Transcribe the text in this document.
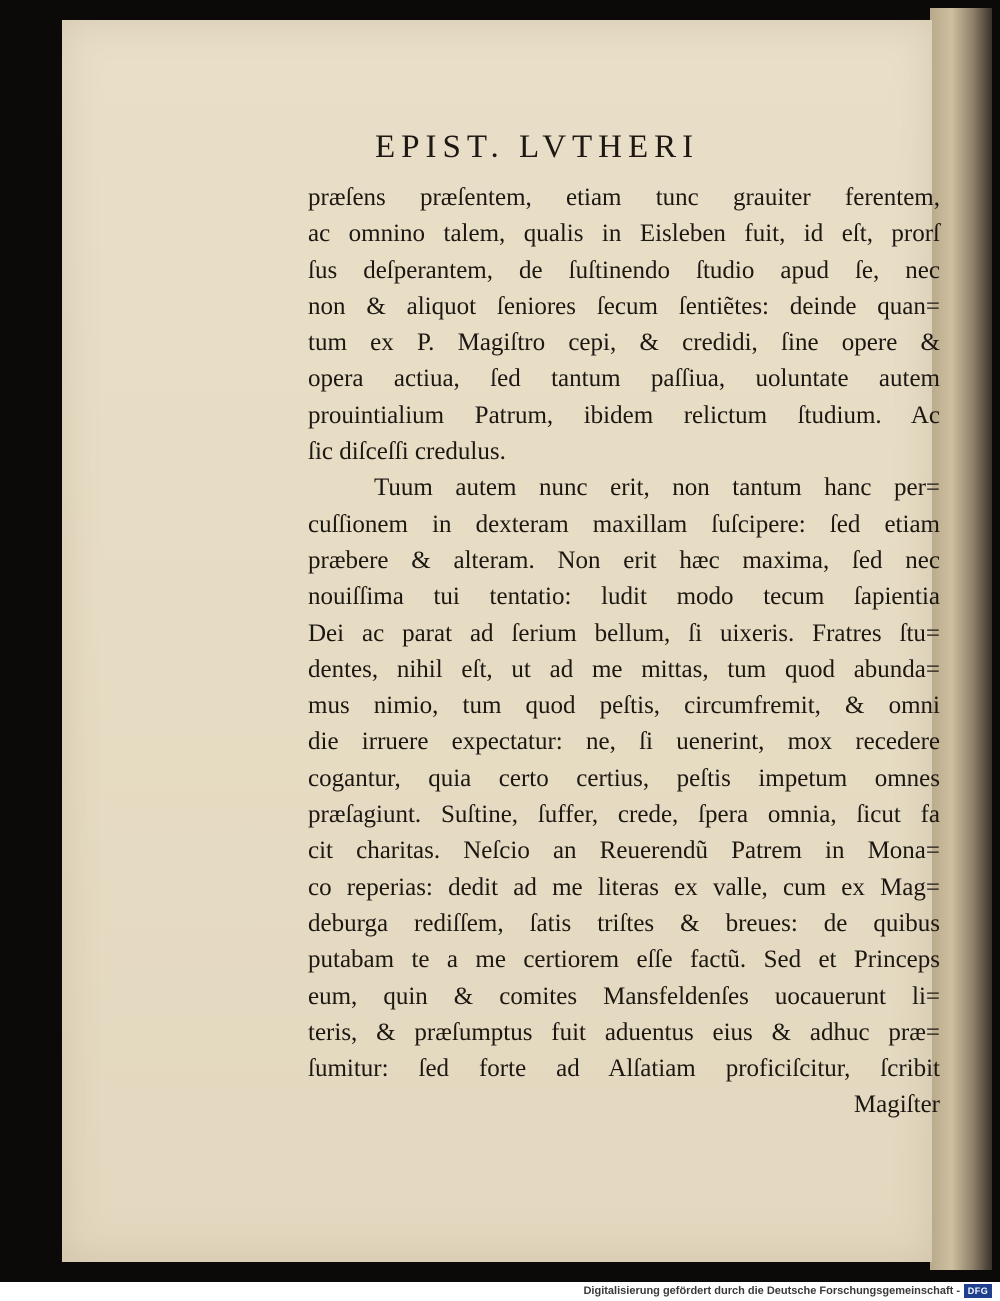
EPIST. LVTHERI
præſens præſentem, etiam tunc grauiter ferentem,
ac omnino talem, qualis in Eisleben fuit, id eſt, prorſ
ſus deſperantem, de ſuſtinendo ſtudio apud ſe, nec
non & aliquot ſeniores ſecum ſentiẽtes: deinde quan=
tum ex P. Magiſtro cepi, & credidi, ſine opere &
opera actiua, ſed tantum paſſiua, uoluntate autem
prouintialium Patrum, ibidem relictum ſtudium. Ac
ſic diſceſſi credulus.
Tuum autem nunc erit, non tantum hanc per=
cuſſionem in dexteram maxillam ſuſcipere: ſed etiam
præbere & alteram. Non erit hæc maxima, ſed nec
nouiſſima tui tentatio: ludit modo tecum ſapientia
Dei ac parat ad ſerium bellum, ſi uixeris. Fratres ſtu=
dentes, nihil eſt, ut ad me mittas, tum quod abunda=
mus nimio, tum quod peſtis, circumfremit, & omni
die irruere expectatur: ne, ſi uenerint, mox recedere
cogantur, quia certo certius, peſtis impetum omnes
præſagiunt. Suſtine, ſuffer, crede, ſpera omnia, ſicut fa
cit charitas. Neſcio an Reuerendũ Patrem in Mona=
co reperias: dedit ad me literas ex valle, cum ex Mag=
deburga rediſſem, ſatis triſtes & breues: de quibus
putabam te a me certiorem eſſe factũ. Sed et Princeps
eum, quin & comites Mansfeldenſes uocauerunt li=
teris, & præſumptus fuit aduentus eius & adhuc præ=
ſumitur: ſed forte ad Alſatiam proficiſcitur, ſcribit
Magiſter
Digitalisierung gefördert durch die Deutsche Forschungsgemeinschaft - DFG
